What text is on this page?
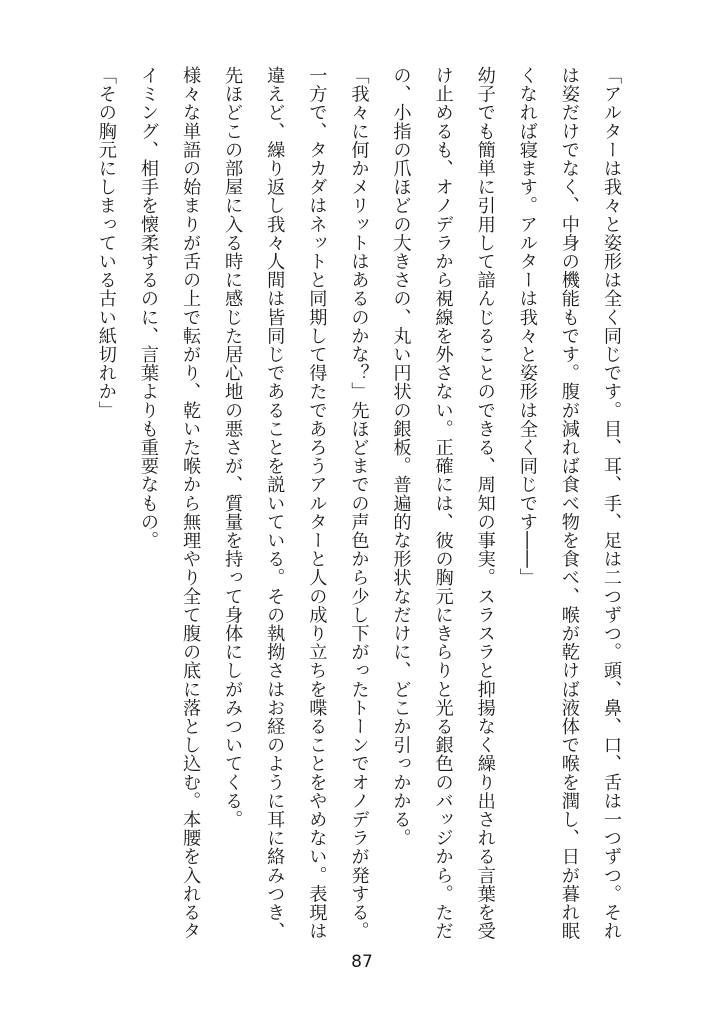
「アルターは我々と姿形は全く同じです。目、耳、手、足は二つずつ。頭、鼻、口、舌は一つずつ。それは姿だけでなく、中身の機能もです。腹が減れば食べ物を食べ、喉が乾けば液体で喉を潤し、日が暮れ眠くなれば寝ます。アルターは我々と姿形は全く同じです――」

幼子でも簡単に引用して諳んじることのできる、周知の事実。スラスラと抑揚なく繰り出される言葉を受け止めるも、オノデラから視線を外さない。正確には、彼の胸元にきらりと光る銀色のバッジから。ただの、小指の爪ほどの大きさの、丸い円状の銀板。普遍的な形状なだけに、どこか引っかかる。

「我々に何かメリットはあるのかな？」先ほどまでの声色から少し下がったトーンでオノデラが発する。一方で、タカダはネットと同期して得たであろうアルターと人の成り立ちを喋ることをやめない。表現は違えど、繰り返し我々人間は皆同じであることを説いている。その執拗さはお経のように耳に絡みつき、先ほどこの部屋に入る時に感じた居心地の悪さが、質量を持って身体にしがみついてくる。

様々な単語の始まりが舌の上で転がり、乾いた喉から無理やり全て腹の底に落とし込む。本腰を入れるタイミング、相手を懐柔するのに、言葉よりも重要なもの。

「その胸元にしまっている古い紙切れか」

87
